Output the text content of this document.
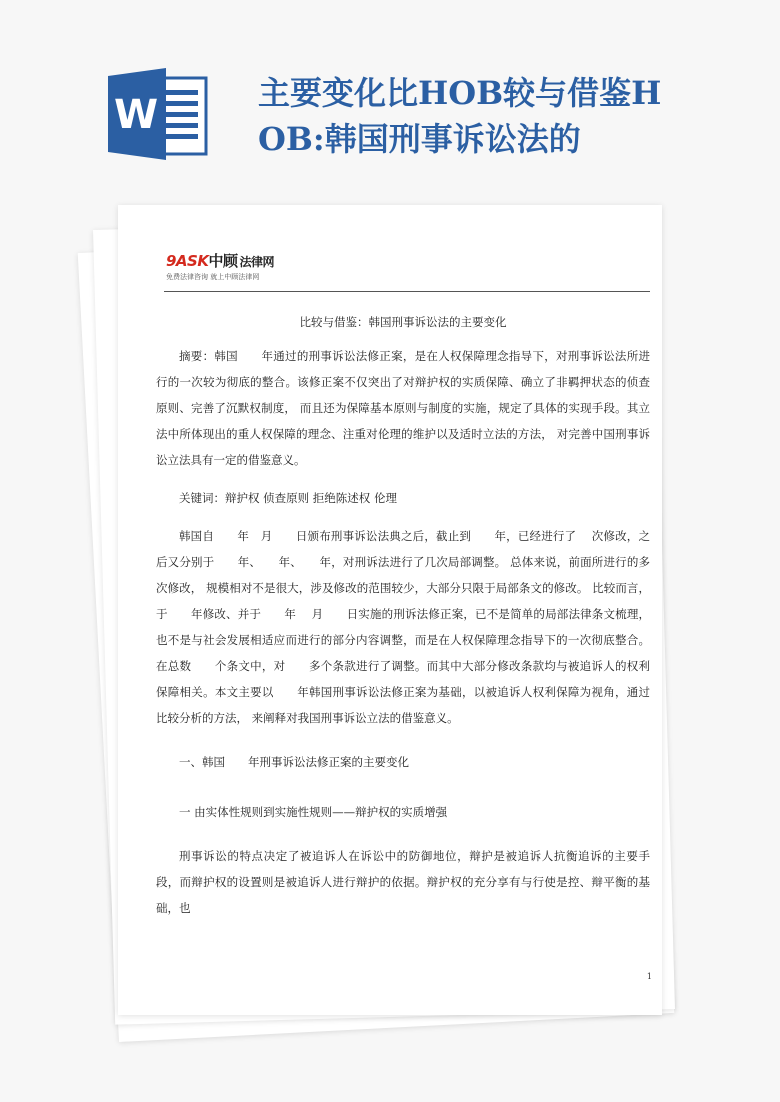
W	主要变化比HOB较与借鉴H
OB:韩国刑事诉讼法的
9ASK中顾 法律网
免费法律咨询 就上中顾法律网

比较与借鉴：韩国刑事诉讼法的主要变化

摘要：韩国　　年通过的刑事诉讼法修正案，是在人权保障理念指导下，对刑事诉讼法所进行的一次较为彻底的整合。该修正案不仅突出了对辩护权的实质保障、确立了非羁押状态的侦查原则、完善了沉默权制度， 而且还为保障基本原则与制度的实施，规定了具体的实现手段。其立法中所体现出的重人权保障的理念、注重对伦理的维护以及适时立法的方法， 对完善中国刑事诉讼立法具有一定的借鉴意义。

关键词：辩护权 侦查原则 拒绝陈述权 伦理

韩国自　　年　月　　日颁布刑事诉讼法典之后，截止到　　年，已经进行了　 次修改，之后又分别于　　年、　　年、　　年，对刑诉法进行了几次局部调整。 总体来说，前面所进行的多次修改， 规模相对不是很大，涉及修改的范围较少，大部分只限于局部条文的修改。 比较而言，于　　年修改、并于　　年　 月　　日实施的刑诉法修正案，已不是简单的局部法律条文梳理，也不是与社会发展相适应而进行的部分内容调整，而是在人权保障理念指导下的一次彻底整合。在总数　　个条文中，对　　多个条款进行了调整。而其中大部分修改条款均与被追诉人的权利保障相关。本文主要以　　年韩国刑事诉讼法修正案为基础，以被追诉人权利保障为视角，通过比较分析的方法， 来阐释对我国刑事诉讼立法的借鉴意义。

一、韩国　　年刑事诉讼法修正案的主要变化

一 由实体性规则到实施性规则——辩护权的实质增强

刑事诉讼的特点决定了被追诉人在诉讼中的防御地位，辩护是被追诉人抗衡追诉的主要手段，而辩护权的设置则是被追诉人进行辩护的依据。辩护权的充分享有与行使是控、辩平衡的基础，也

1
